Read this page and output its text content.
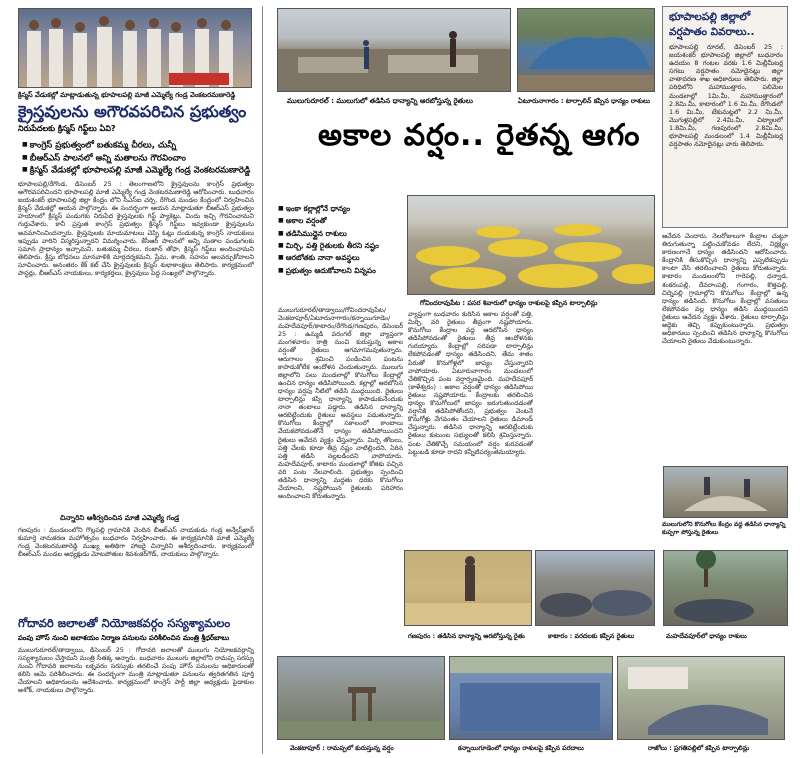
క్రిస్మస్ వేడుకల్లో మాట్లాడుతున్న భూపాలపల్లి మాజీ ఎమ్మెల్యే గండ్ర వెంకటరమణారెడ్డి
క్రైస్తవులను అగౌరవపరిచిన ప్రభుత్వం
నిరుపేదలకు క్రిస్మస్ గిఫ్ట్‌లు ఏవి?
■ కాంగ్రెస్ ప్రభుత్వంలో బతుకమ్మ చీరలు, చున్నీ
■ బీఆర్ఎస్ పాలనలో అన్ని మతాలను గౌరవించాం
■ క్రిస్మస్ వేడుకల్లో భూపాలపల్లి మాజీ ఎమ్మెల్యే గండ్ర వెంకటరమణారెడ్డి
భూపాలపల్లి/రేగొండ, డిసెంబర్ 25 : తెలంగాణలోని క్రైస్తవులను కాంగ్రెస్ ప్రభుత్వం అగౌరవపరిచిందని భూపాలపల్లి మాజీ ఎమ్మెల్యే గండ్ర వెంకటరమణారెడ్డి ఆరోపించారు. బుధవారం జయశంకర్ భూపాలపల్లి జిల్లా కేంద్రం లోని సీఎస్ఐ చర్చి, రేగొండ మండల కేంద్రంలో నిర్వహించిన క్రిస్మస్ వేడుకల్లో ఆయన పాల్గొన్నారు. ఈ సందర్భంగా ఆయన మాట్లాడుతూ బీఆర్ఎస్ ప్రభుత్వం హయాంలో క్రిస్మస్ పండుగకు నిరుపేద క్రైస్తవులకు గిఫ్ట్ ప్యాకెట్లు, విందు ఇచ్చి గౌరవించామని గుర్తుచేశారు. కానీ ప్రస్తుత కాంగ్రెస్ ప్రభుత్వం క్రిస్మస్ గిఫ్ట్‌లు ఇవ్వకుండా క్రైస్తవులను అవమానించిందన్నారు. క్రైస్తవులకు మాయమాటలు చెప్పి ఓట్లు దండుకున్న కాంగ్రెస్ నాయకులు ఇప్పుడు వారిని విస్మరిస్తున్నారని విమర్శించారు. కేసీఆర్ పాలనలో అన్ని మతాల పండుగలకు సమాన ప్రాధాన్యం ఇచ్చామని, బతుకమ్మ చీరలు, రంజాన్ తోఫా, క్రిస్మస్ గిఫ్ట్‌లు అందించామని తెలిపారు. క్రీస్తు బోధనలు మానవాళికి మార్గదర్శకమని, ప్రేమ, శాంతి, సహనం అలవర్చుకోవాలని సూచించారు. అనంతరం కేక్ కట్ చేసి క్రైస్తవులకు క్రిస్మస్ శుభాకాంక్షలు తెలిపారు. కార్యక్రమంలో పాస్టర్లు, బీఆర్ఎస్ నాయకులు, కార్యకర్తలు, క్రైస్తవులు పెద్ద సంఖ్యలో పాల్గొన్నారు.
చిన్నారిని ఆశీర్వదించిన మాజీ ఎమ్మెల్యే గండ్ర
గణపురం : మండలంలోని గొల్లపల్లి గ్రామానికి చెందిన బీఆర్ఎస్ నాయకుడు గండ్ర అన్వేష్‌ఖాన్ కుమార్తె నామకరణ మహోత్సవం బుధవారం నిర్వహించారు. ఈ కార్యక్రమానికి మాజీ ఎమ్మెల్యే గండ్ర వెంకటరమణారెడ్డి ముఖ్య అతిథిగా హాజరై చిన్నారిని ఆశీర్వదించారు. కార్యక్రమంలో బీఆర్ఎస్ మండల అధ్యక్షుడు మోటపోతుల శివశంకర్‌గౌడ్, నాయకులు పాల్గొన్నారు.
గోదావరి జలాలతో నియోజకవర్గం సస్యశ్యామలం
పంపు హౌస్ నుంచి జలాశయం నిర్మాణ పనులను పరిశీలించిన మంత్రి శ్రీధర్‌బాబు
ములుగురూరల్/తాడ్వాయి, డిసెంబర్ 25 : గోదావరి జలాలతో ములుగు నియోజకవర్గాన్ని సస్యశ్యామలం చేస్తామని మంత్రి సీతక్క అన్నారు. బుధవారం ములుగు జిల్లాలోని రామప్ప సరస్సు నుంచి గోదావరి జలాలను లక్నవరం సరస్సుకు తరలించే పంపు హౌస్ పనులను అధికారులతో కలిసి ఆమె పరిశీలించారు. ఈ సందర్భంగా మంత్రి మాట్లాడుతూ పనులను త్వరితగతిన పూర్తి చేయాలని అధికారులను ఆదేశించారు. కార్యక్రమంలో కాంగ్రెస్ పార్టీ జిల్లా అధ్యక్షుడు పైడాకుల అశోక్, నాయకులు పాల్గొన్నారు.
ములుగురూరల్ : ములుగులో తడిసిన ధాన్యాన్ని ఆరబోస్తున్న రైతులు	ఏటూరునాగారం : టార్పాలిన్ కప్పిన ధాన్యం రాశులు
అకాల వర్షం.. రైతన్న ఆగం
■ ఇంకా కల్లాల్లోనే ధాన్యం
■ అకాల వర్షంతో
■ తడిసిముద్దైన రాశులు
■ మిర్చి, పత్తి రైతులకు తీరని నష్టం
■ ఆరబోతకు నానా అవస్థలు
■ ప్రభుత్వం ఆదుకోవాలని విన్నపం
గోవిందరావుపేట : పసర శివారులో ధాన్యం రాశులపై కప్పిన టార్పాలిన్లు
ములుగురూరల్/తాడ్వాయి/గోవిందరావుపేట/వెంకటాపూర్/ఏటూరునాగారం/కన్నాయిగూడెం/మహదేవపూర్/కాటారం/రేగొండ/గణపురం, డిసెంబర్ 25 : ఉమ్మడి వరంగల్ జిల్లా వ్యాప్తంగా మంగళవారం రాత్రి నుంచి కురుస్తున్న అకాల వర్షంతో రైతులు ఆగమాగమవుతున్నారు. ఆరుగాలం శ్రమించి పండించిన పంటను కాపాడుకోలేక ఆందోళన చెందుతున్నారు. ములుగు జిల్లాలోని పలు మండలాల్లో కొనుగోలు కేంద్రాల్లో ఉంచిన ధాన్యం తడిసిపోయింది. కల్లాల్లో ఆరబోసిన ధాన్యం వర్షపు నీటిలో తడిసి ముద్దయింది. రైతులు టార్పాలిన్లు కప్పి ధాన్యాన్ని కాపాడుకునేందుకు నానా తంటాలు పడ్డారు. తడిసిన ధాన్యాన్ని ఆరబెట్టేందుకు రైతులు అవస్థలు పడుతున్నారు. కొనుగోలు కేంద్రాల్లో సకాలంలో కాంటాలు వేయకపోవడంతోనే ధాన్యం తడిసిపోయిందని రైతులు ఆవేదన వ్యక్తం చేస్తున్నారు. మిర్చి తోటలు, పత్తి చేలకు కూడా తీవ్ర నష్టం వాటిల్లిందని, ఏరిన పత్తి తడిసి నల్లబడిందని వాపోయారు. మహదేవపూర్, కాటారం మండలాల్లో కోతకు వచ్చిన వరి పంట నేలవాలింది. ప్రభుత్వం స్పందించి తడిసిన ధాన్యాన్ని మద్దతు ధరకు కొనుగోలు చేయాలని, నష్టపోయిన రైతులకు పరిహారం అందించాలని కోరుతున్నారు.
వ్యాప్తంగా బుధవారం కురిసిన అకాల వర్షంతో పత్తి, మిర్చి, వరి రైతులు తీవ్రంగా నష్టపోయారు. కొనుగోలు కేంద్రాల వద్ద ఆరబోసిన ధాన్యం తడిసిపోవడంతో రైతులు తీవ్ర ఆందోళనకు గురయ్యారు. కేంద్రాల్లో సరిపడా టార్పాలిన్లు లేకపోవడంతో ధాన్యం తడిసిందని, తేమ శాతం పేరుతో కొనుగోళ్లలో జాప్యం చేస్తున్నారని వాపోయారు. ఏటూరునాగారం మండలంలో చేతికొచ్చిన పంట వర్షార్పణమైంది. మహదేవపూర్ (కాళేశ్వరం) : అకాల వర్షంతో ధాన్యం తడిసిపోయి రైతులు నష్టపోయారు. కేంద్రాలకు తరలించిన ధాన్యం కొనుగోలులో జాప్యం జరుగుతుండడంతో వర్షానికి తడిసిపోతోందని, ప్రభుత్వం వెంటనే కొనుగోళ్లు వేగవంతం చేయాలని రైతులు డిమాండ్ చేస్తున్నారు. తడిసిన ధాన్యాన్ని ఆరబెట్టేందుకు రైతులు కుటుంబ సభ్యులతో కలిసి శ్రమిస్తున్నారు. పంట చేతికొచ్చే సమయంలో వర్షం కురవడంతో పెట్టుబడి కూడా రాదని కన్నీటిపర్యంతమయ్యారు.
గణపురం : తడిసిన ధాన్యాన్ని ఆరబోస్తున్న రైతు	కాటారం : వరదలకు కప్పిన రైతులు
వెంకటాపూర్ : రామప్పలో కురుస్తున్న వర్షం	కన్నాయిగూడెంలో ధాన్యం రాశులపై కప్పిన పరదాలు	రాజోలు : ప్రగతిపల్లిలో కప్పిన టార్పాలిన్లు
భూపాలపల్లి జిల్లాలో
వర్షపాతం వివరాలు..
భూపాలపల్లి రూరల్, డిసెంబర్ 25 : జయశంకర్ భూపాలపల్లి జిల్లాలో బుధవారం ఉదయం 8 గంటల వరకు 1.6 మిల్లీమీటర్ల సగటు వర్షపాతం నమోదైనట్లు జిల్లా వాతావరణ శాఖ అధికారులు తెలిపారు. జిల్లా పరిధిలోని మహాముత్తారం, పలిమెల మండలాల్లో 1మి.మీ, మహాముత్తారంలో 2.8మి.మీ, కాటారంలో 1.6 మి.మీ, రేగొండలో 1.6 మి.మీ, టేకుమట్లలో 2.2 మి.మీ, మొగుళ్లపల్లిలో 2.4మి.మీ, చిట్యాలలో 1.8మి.మీ, గణపురంలో 2.8మి.మీ, భూపాలపల్లి మండలంలో 1.4 మిల్లీమీటర్ల వర్షపాతం నమోదైనట్లు వారు తెలిపారు.
ఆవేదన చెందారు. నెలరోజులుగా కేంద్రాల చుట్టూ తిరుగుతున్నా పట్టించుకోవడం లేదని, నిర్లక్ష్యం కారణంగానే ధాన్యం తడిసిందని ఆరోపించారు. కేంద్రానికి తీసుకొచ్చిన ధాన్యాన్ని ఎప్పటికప్పుడు కాంటా వేసి తరలించాలని రైతులు కోరుతున్నారు. కాటారం మండలంలోని గారెపల్లి, ధన్వాడ, శంకరంపల్లి, దేవరాంపల్లి, గంగారం, కొత్తపల్లి, చిద్నెపల్లి గ్రామాల్లోని కొనుగోలు కేంద్రాల్లో ఉన్న ధాన్యం తడిసింది. కొనుగోలు కేంద్రాల్లో వసతులు లేకపోవడం వల్ల ధాన్యం తడిసి ముద్దయిందని రైతులు ఆవేదన వ్యక్తం చేశారు. రైతులు టార్పాలిన్లు అద్దెకు తెచ్చి కప్పుకుంటున్నారు. ప్రభుత్వం అధికారులు స్పందించి తడిసిన ధాన్యాన్ని కొనుగోలు చేయాలని రైతులు వేడుకుంటున్నారు.
ములుగులోని కొనుగోలు కేంద్రం వద్ద తడిసిన ధాన్యాన్ని కుప్పగా పోస్తున్న రైతులు
మహదేవపూర్‌లో ధాన్యం రాశులు
